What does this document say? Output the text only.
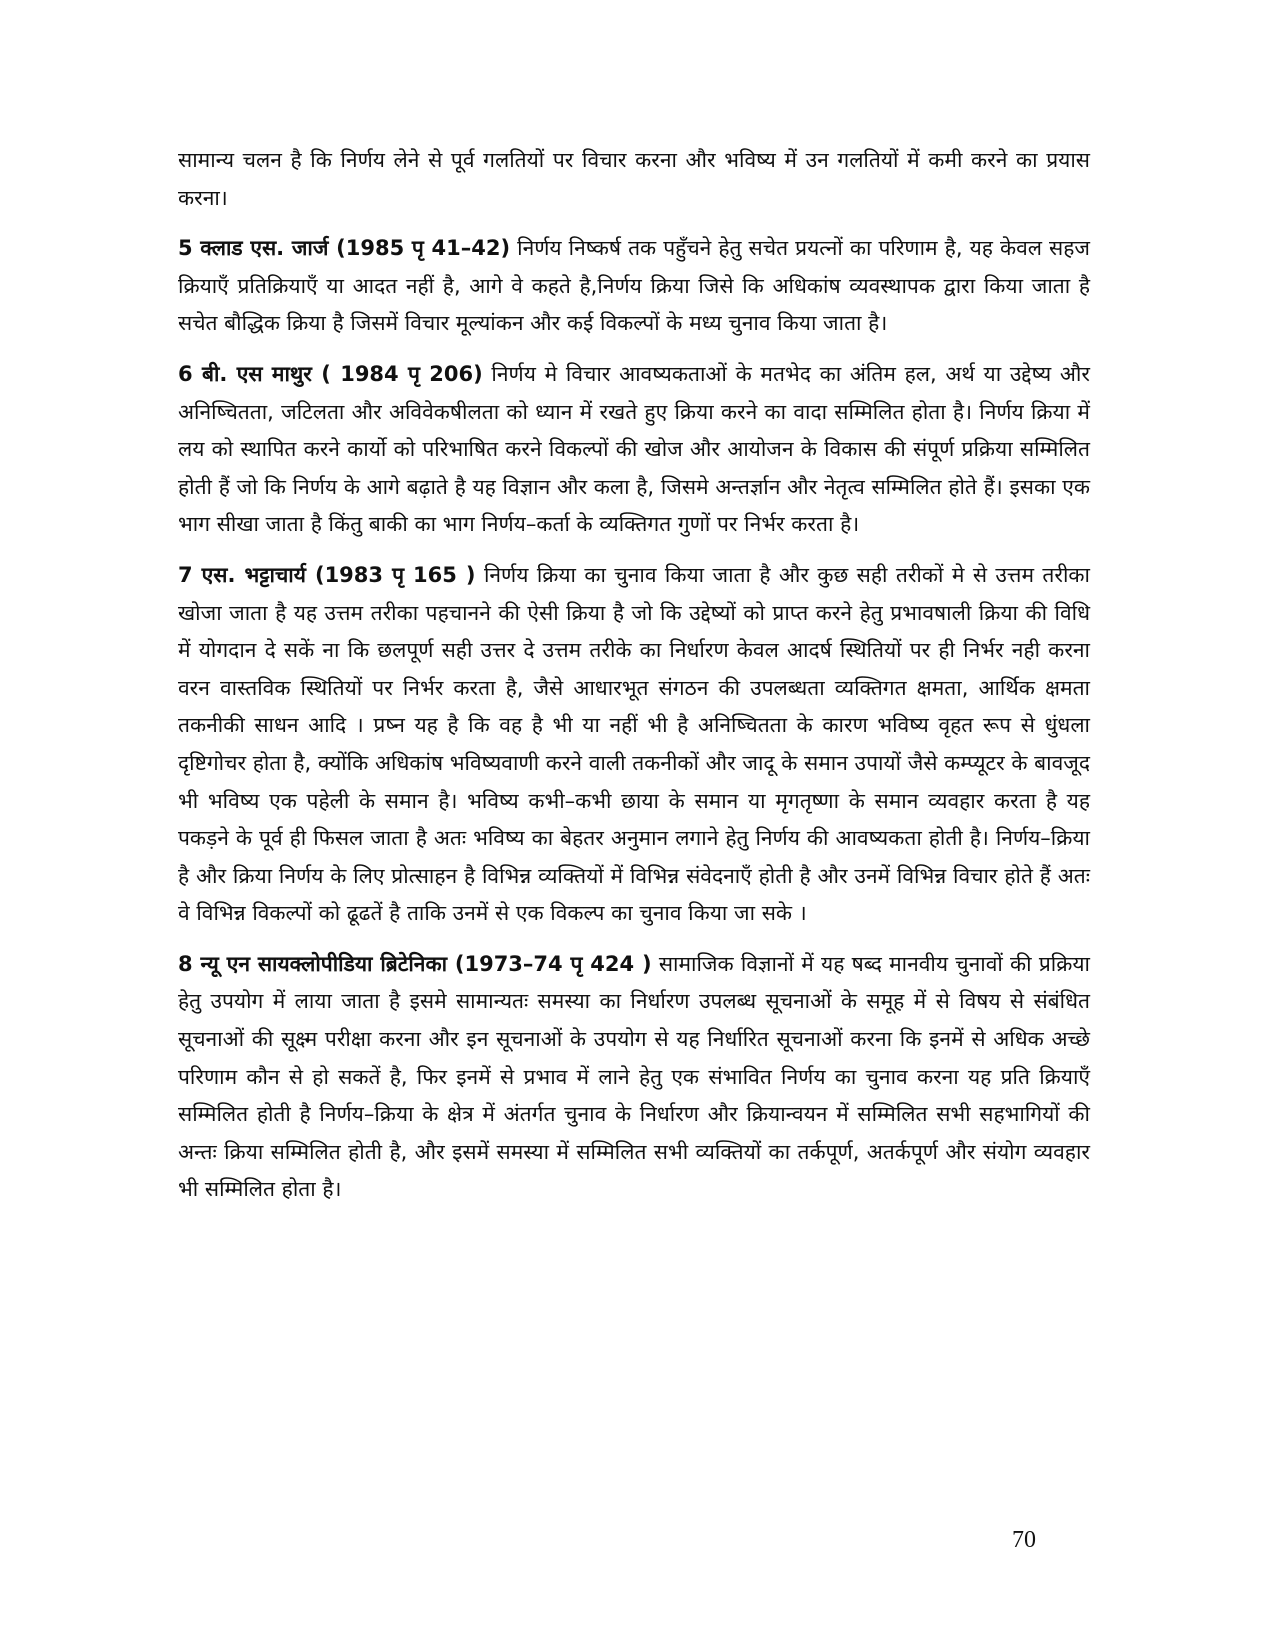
सामान्य चलन है कि निर्णय लेने से पूर्व गलतियों पर विचार करना और भविष्य में उन गलतियों में कमी करने का प्रयास करना।

5 क्लाड एस. जार्ज (1985 पृ 41–42) निर्णय निष्कर्ष तक पहुँचने हेतु सचेत प्रयत्नों का परिणाम है, यह केवल सहज क्रियाएँ प्रतिक्रियाएँ या आदत नहीं है, आगे वे कहते है,निर्णय क्रिया जिसे कि अधिकांष व्यवस्थापक द्वारा किया जाता है सचेत बौद्धिक क्रिया है जिसमें विचार मूल्यांकन और कई विकल्पों के मध्य चुनाव किया जाता है।

6 बी. एस माथुर ( 1984 पृ 206) निर्णय मे विचार आवष्यकताओं के मतभेद का अंतिम हल, अर्थ या उद्देष्य और अनिष्चितता, जटिलता और अविवेकषीलता को ध्यान में रखते हुए क्रिया करने का वादा सम्मिलित होता है। निर्णय क्रिया में लय को स्थापित करने कार्यो को परिभाषित करने विकल्पों की खोज और आयोजन के विकास की संपूर्ण प्रक्रिया सम्मिलित होती हैं जो कि निर्णय के आगे बढ़ाते है यह विज्ञान और कला है, जिसमे अन्तर्ज्ञान और नेतृत्व सम्मिलित होते हैं। इसका एक भाग सीखा जाता है किंतु बाकी का भाग निर्णय–कर्ता के व्यक्तिगत गुणों पर निर्भर करता है।

7 एस. भट्टाचार्य (1983 पृ 165 ) निर्णय क्रिया का चुनाव किया जाता है और कुछ सही तरीकों मे से उत्तम तरीका खोजा जाता है यह उत्तम तरीका पहचानने की ऐसी क्रिया है जो कि उद्देष्यों को प्राप्त करने हेतु प्रभावषाली क्रिया की विधि में योगदान दे सकें ना कि छलपूर्ण सही उत्तर दे उत्तम तरीके का निर्धारण केवल आदर्ष स्थितियों पर ही निर्भर नही करना वरन वास्तविक स्थितियों पर निर्भर करता है, जैसे आधारभूत संगठन की उपलब्धता व्यक्तिगत क्षमता, आर्थिक क्षमता तकनीकी साधन आदि । प्रष्न यह है कि वह है भी या नहीं भी है अनिष्चितता के कारण भविष्य वृहत रूप से धुंधला दृष्टिगोचर होता है, क्योंकि अधिकांष भविष्यवाणी करने वाली तकनीकों और जादू के समान उपायों जैसे कम्प्यूटर के बावजूद भी भविष्य एक पहेली के समान है। भविष्य कभी–कभी छाया के समान या मृगतृष्णा के समान व्यवहार करता है यह पकड़ने के पूर्व ही फिसल जाता है अतः भविष्य का बेहतर अनुमान लगाने हेतु निर्णय की आवष्यकता होती है। निर्णय–क्रिया है और क्रिया निर्णय के लिए प्रोत्साहन है विभिन्न व्यक्तियों में विभिन्न संवेदनाएँ होती है और उनमें विभिन्न विचार होते हैं अतः वे विभिन्न विकल्पों को ढूढतें है ताकि उनमें से एक विकल्प का चुनाव किया जा सके ।

8 न्यू एन सायक्लोपीडिया ब्रिटेनिका (1973–74 पृ 424 ) सामाजिक विज्ञानों में यह षब्द मानवीय चुनावों की प्रक्रिया हेतु उपयोग में लाया जाता है इसमे सामान्यतः समस्या का निर्धारण उपलब्ध सूचनाओं के समूह में से विषय से संबंधित सूचनाओं की सूक्ष्म परीक्षा करना और इन सूचनाओं के उपयोग से यह निर्धारित सूचनाओं करना कि इनमें से अधिक अच्छे परिणाम कौन से हो सकतें है, फिर इनमें से प्रभाव में लाने हेतु एक संभावित निर्णय का चुनाव करना यह प्रति क्रियाएँ सम्मिलित होती है निर्णय–क्रिया के क्षेत्र में अंतर्गत चुनाव के निर्धारण और क्रियान्वयन में सम्मिलित सभी सहभागियों की अन्तः क्रिया सम्मिलित होती है, और इसमें समस्या में सम्मिलित सभी व्यक्तियों का तर्कपूर्ण, अतर्कपूर्ण और संयोग व्यवहार भी सम्मिलित होता है।

70
